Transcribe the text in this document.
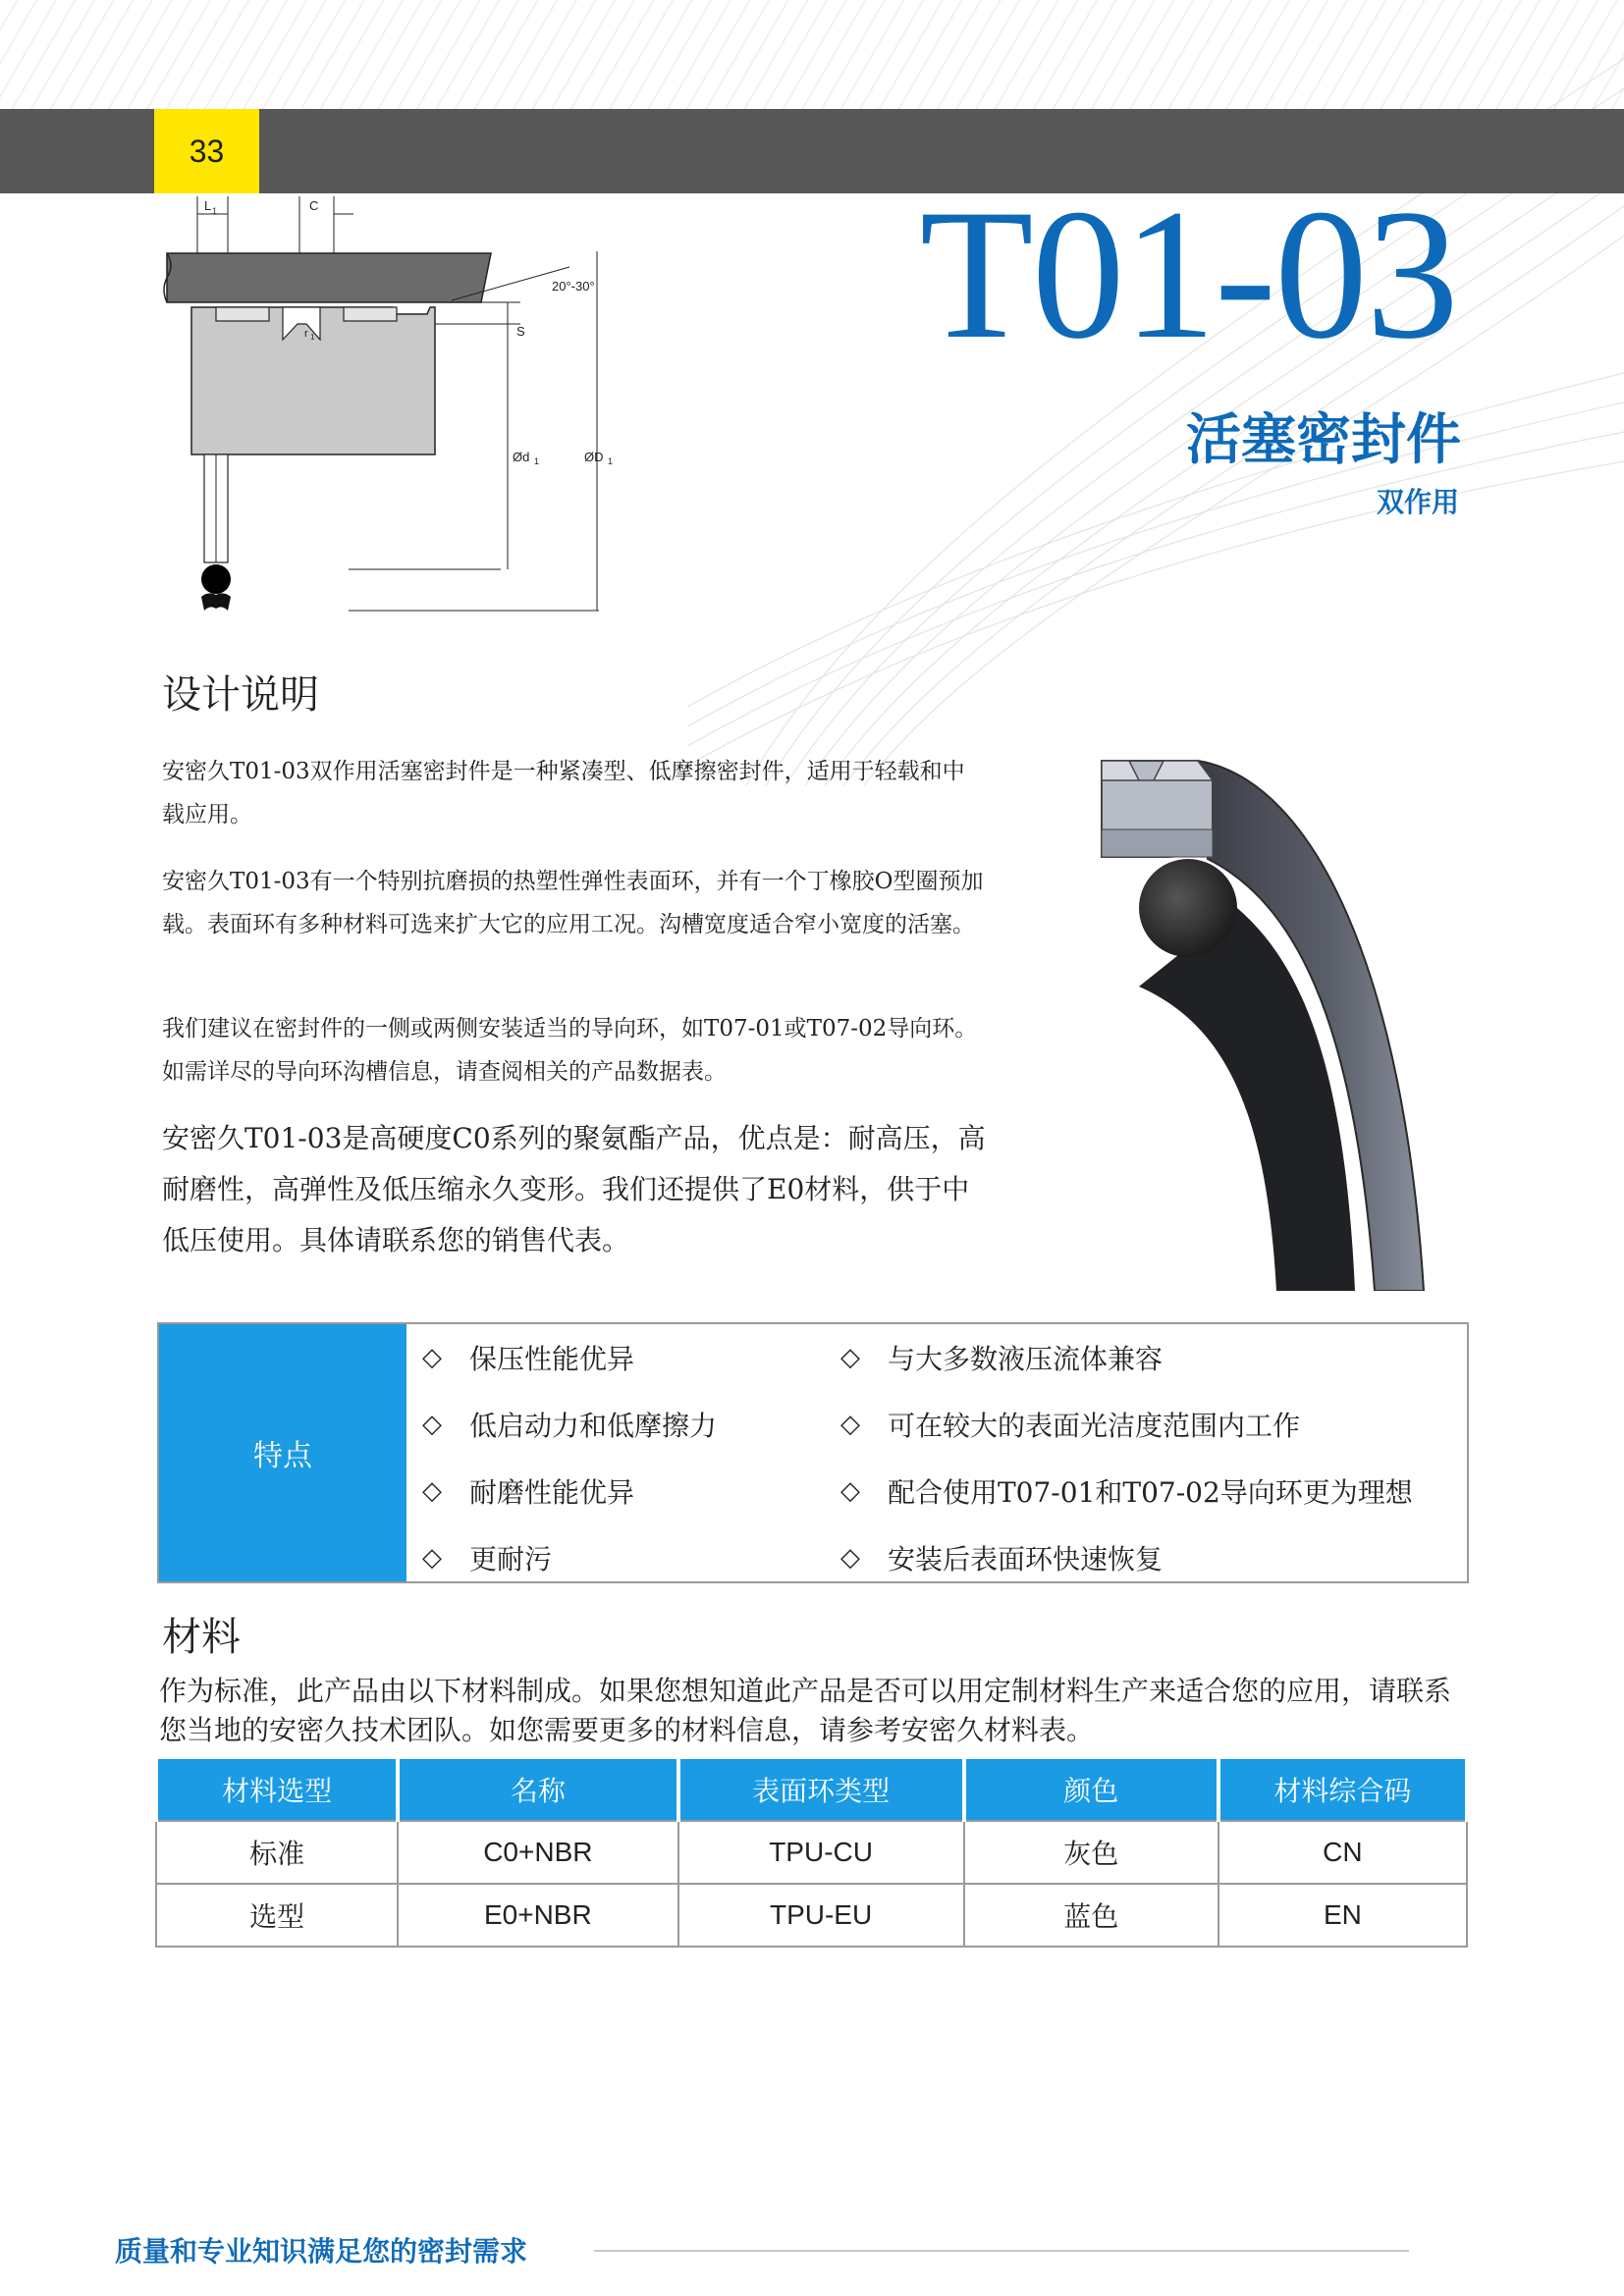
33
L 1	C
20°-30°
S
r 1
Ød 1	ØD 1
T01-03
活塞密封件
双作用
设计说明
安密久T01-03双作用活塞密封件是一种紧凑型、低摩擦密封件，适用于轻载和中载应用。
安密久T01-03有一个特别抗磨损的热塑性弹性表面环，并有一个丁橡胶O型圈预加载。表面环有多种材料可选来扩大它的应用工况。沟槽宽度适合窄小宽度的活塞。
我们建议在密封件的一侧或两侧安装适当的导向环，如T07-01或T07-02导向环。如需详尽的导向环沟槽信息，请查阅相关的产品数据表。
安密久T01-03是高硬度C0系列的聚氨酯产品，优点是：耐高压，高耐磨性，高弹性及低压缩永久变形。我们还提供了E0材料，供于中低压使用。具体请联系您的销售代表。
特点
◇	保压性能优异	◇	与大多数液压流体兼容
◇	低启动力和低摩擦力	◇	可在较大的表面光洁度范围内工作
◇	耐磨性能优异	◇	配合使用T07-01和T07-02导向环更为理想
◇	更耐污	◇	安装后表面环快速恢复
材料
作为标准，此产品由以下材料制成。如果您想知道此产品是否可以用定制材料生产来适合您的应用，请联系您当地的安密久技术团队。如您需要更多的材料信息，请参考安密久材料表。
材料选型	名称	表面环类型	颜色	材料综合码
标准	C0+NBR	TPU-CU	灰色	CN
选型	E0+NBR	TPU-EU	蓝色	EN
质量和专业知识满足您的密封需求
